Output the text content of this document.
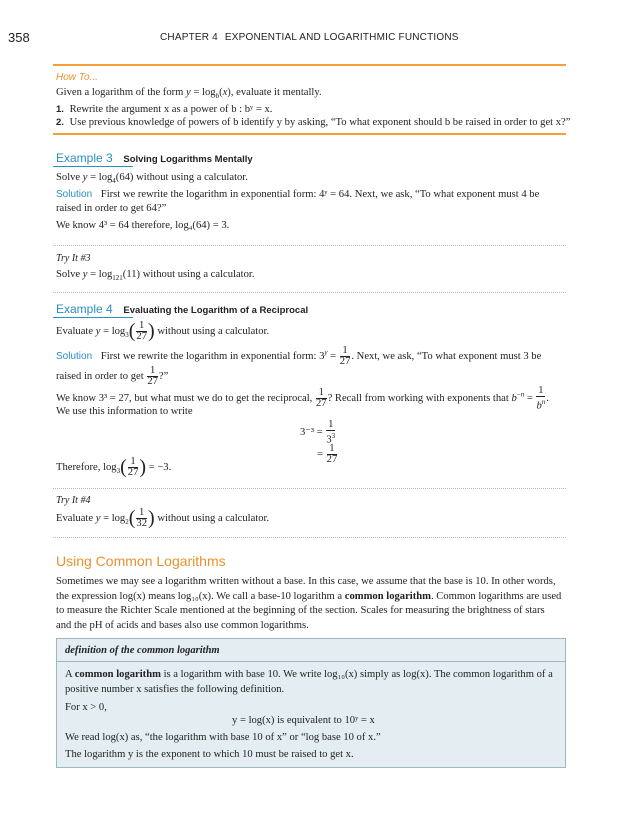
358	CHAPTER 4 EXPONENTIAL AND LOGARITHMIC FUNCTIONS
How To...
Given a logarithm of the form $y = \log_b(x)$, evaluate it mentally.
1. Rewrite the argument x as a power of b : bʸ = x.
2. Use previous knowledge of powers of b identify y by asking, “To what exponent should b be raised in order to get x?”
Example 3 Solving Logarithms Mentally
Solve $y = \log_4(64)$ without using a calculator.
Solution First we rewrite the logarithm in exponential form: 4ʸ = 64. Next, we ask, “To what exponent must 4 be
raised in order to get 64?”
We know 4³ = 64 therefore, log₄(64) = 3.
Try It #3
Solve $y = \log_{121}(11)$ without using a calculator.
Example 4 Evaluating the Logarithm of a Reciprocal
Evaluate $y = \log_3( \frac{1}{27}$ ) without using a calculator.
Solution First we rewrite the logarithm in exponential form: $3^y = \frac{1}{27}$ . Next, we ask, “To what exponent must 3 be
raised in order to get $\frac{1}{27}$ ?”
We know 3³ = 27, but what must we do to get the reciprocal, $\frac{1}{27}$ ? Recall from working with exponents that $b^{-n} = \frac{1}{b^n}$ .
We use this information to write
$3^{-3} = \frac{1}{3^3}$
= $\frac{1}{27}$
Therefore, $\log_3( \frac{1}{27}$ ) = −3.
Try It #4
Evaluate $y = \log_2( \frac{1}{32}$ ) without using a calculator.
Using Common Logarithms
Sometimes we may see a logarithm written without a base. In this case, we assume that the base is 10. In other words,
the expression log(x) means log₁₀(x). We call a base-10 logarithm a common logarithm. Common logarithms are used
to measure the Richter Scale mentioned at the beginning of the section. Scales for measuring the brightness of stars
and the pH of acids and bases also use common logarithms.
definition of the common logarithm
A common logarithm is a logarithm with base 10. We write log₁₀(x) simply as log(x). The common logarithm of a
positive number x satisfies the following definition.
For x > 0,
y = log(x) is equivalent to 10ʸ = x
We read log(x) as, “the logarithm with base 10 of x” or “log base 10 of x.”
The logarithm y is the exponent to which 10 must be raised to get x.
